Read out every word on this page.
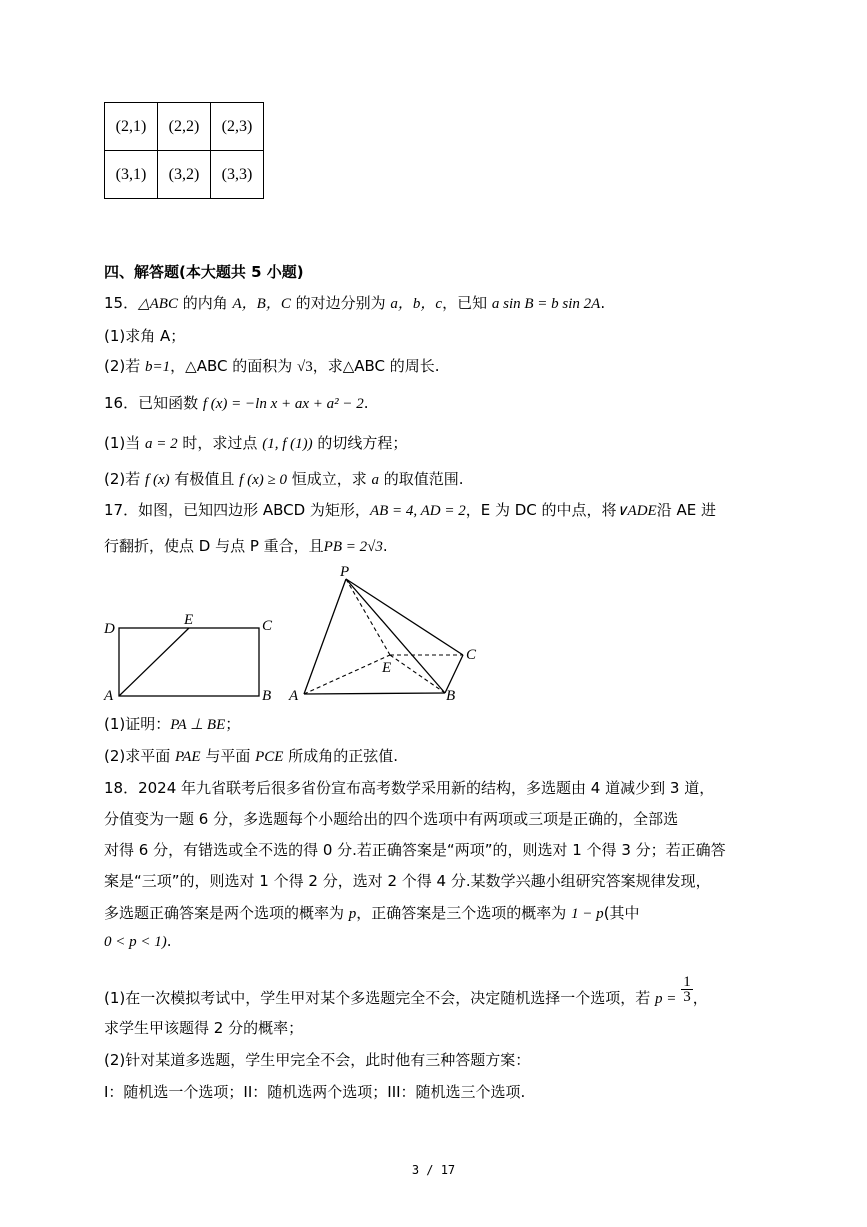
(2,1)	(2,2)	(2,3)
(3,1)	(3,2)	(3,3)
四、解答题(本大题共 5 小题)
15．△ABC 的内角 A，B，C 的对边分别为 a，b，c，已知 a sin B = b sin 2A.
(1)求角 A；
(2)若 b=1，△ABC 的面积为 √3，求△ABC 的周长.
16．已知函数 f (x) = −ln x + ax + a² − 2.
(1)当 a = 2 时，求过点 (1, f (1)) 的切线方程；
(2)若 f (x) 有极值且 f (x) ≥ 0 恒成立，求 a 的取值范围.
17．如图，已知四边形 ABCD 为矩形，AB = 4, AD = 2，E 为 DC 的中点，将∨ADE沿 AE 进
行翻折，使点 D 与点 P 重合，且PB = 2√3.
D
E	C
A	B
P
C
E
A	B
(1)证明：PA ⊥ BE；
(2)求平面 PAE 与平面 PCE 所成角的正弦值.
18．2024 年九省联考后很多省份宣布高考数学采用新的结构，多选题由 4 道减少到 3 道，
分值变为一题 6 分，多选题每个小题给出的四个选项中有两项或三项是正确的，全部选
对得 6 分，有错选或全不选的得 0 分.若正确答案是“两项”的，则选对 1 个得 3 分；若正确答
案是“三项”的，则选对 1 个得 2 分，选对 2 个得 4 分.某数学兴趣小组研究答案规律发现，
多选题正确答案是两个选项的概率为 p，正确答案是三个选项的概率为 1 − p(其中
0 < p < 1).
(1)在一次模拟考试中，学生甲对某个多选题完全不会，决定随机选择一个选项，若 $p = \frac{1}{3}$ ，
求学生甲该题得 2 分的概率；
(2)针对某道多选题，学生甲完全不会，此时他有三种答题方案：
I：随机选一个选项；II：随机选两个选项；III：随机选三个选项.
3 / 17
